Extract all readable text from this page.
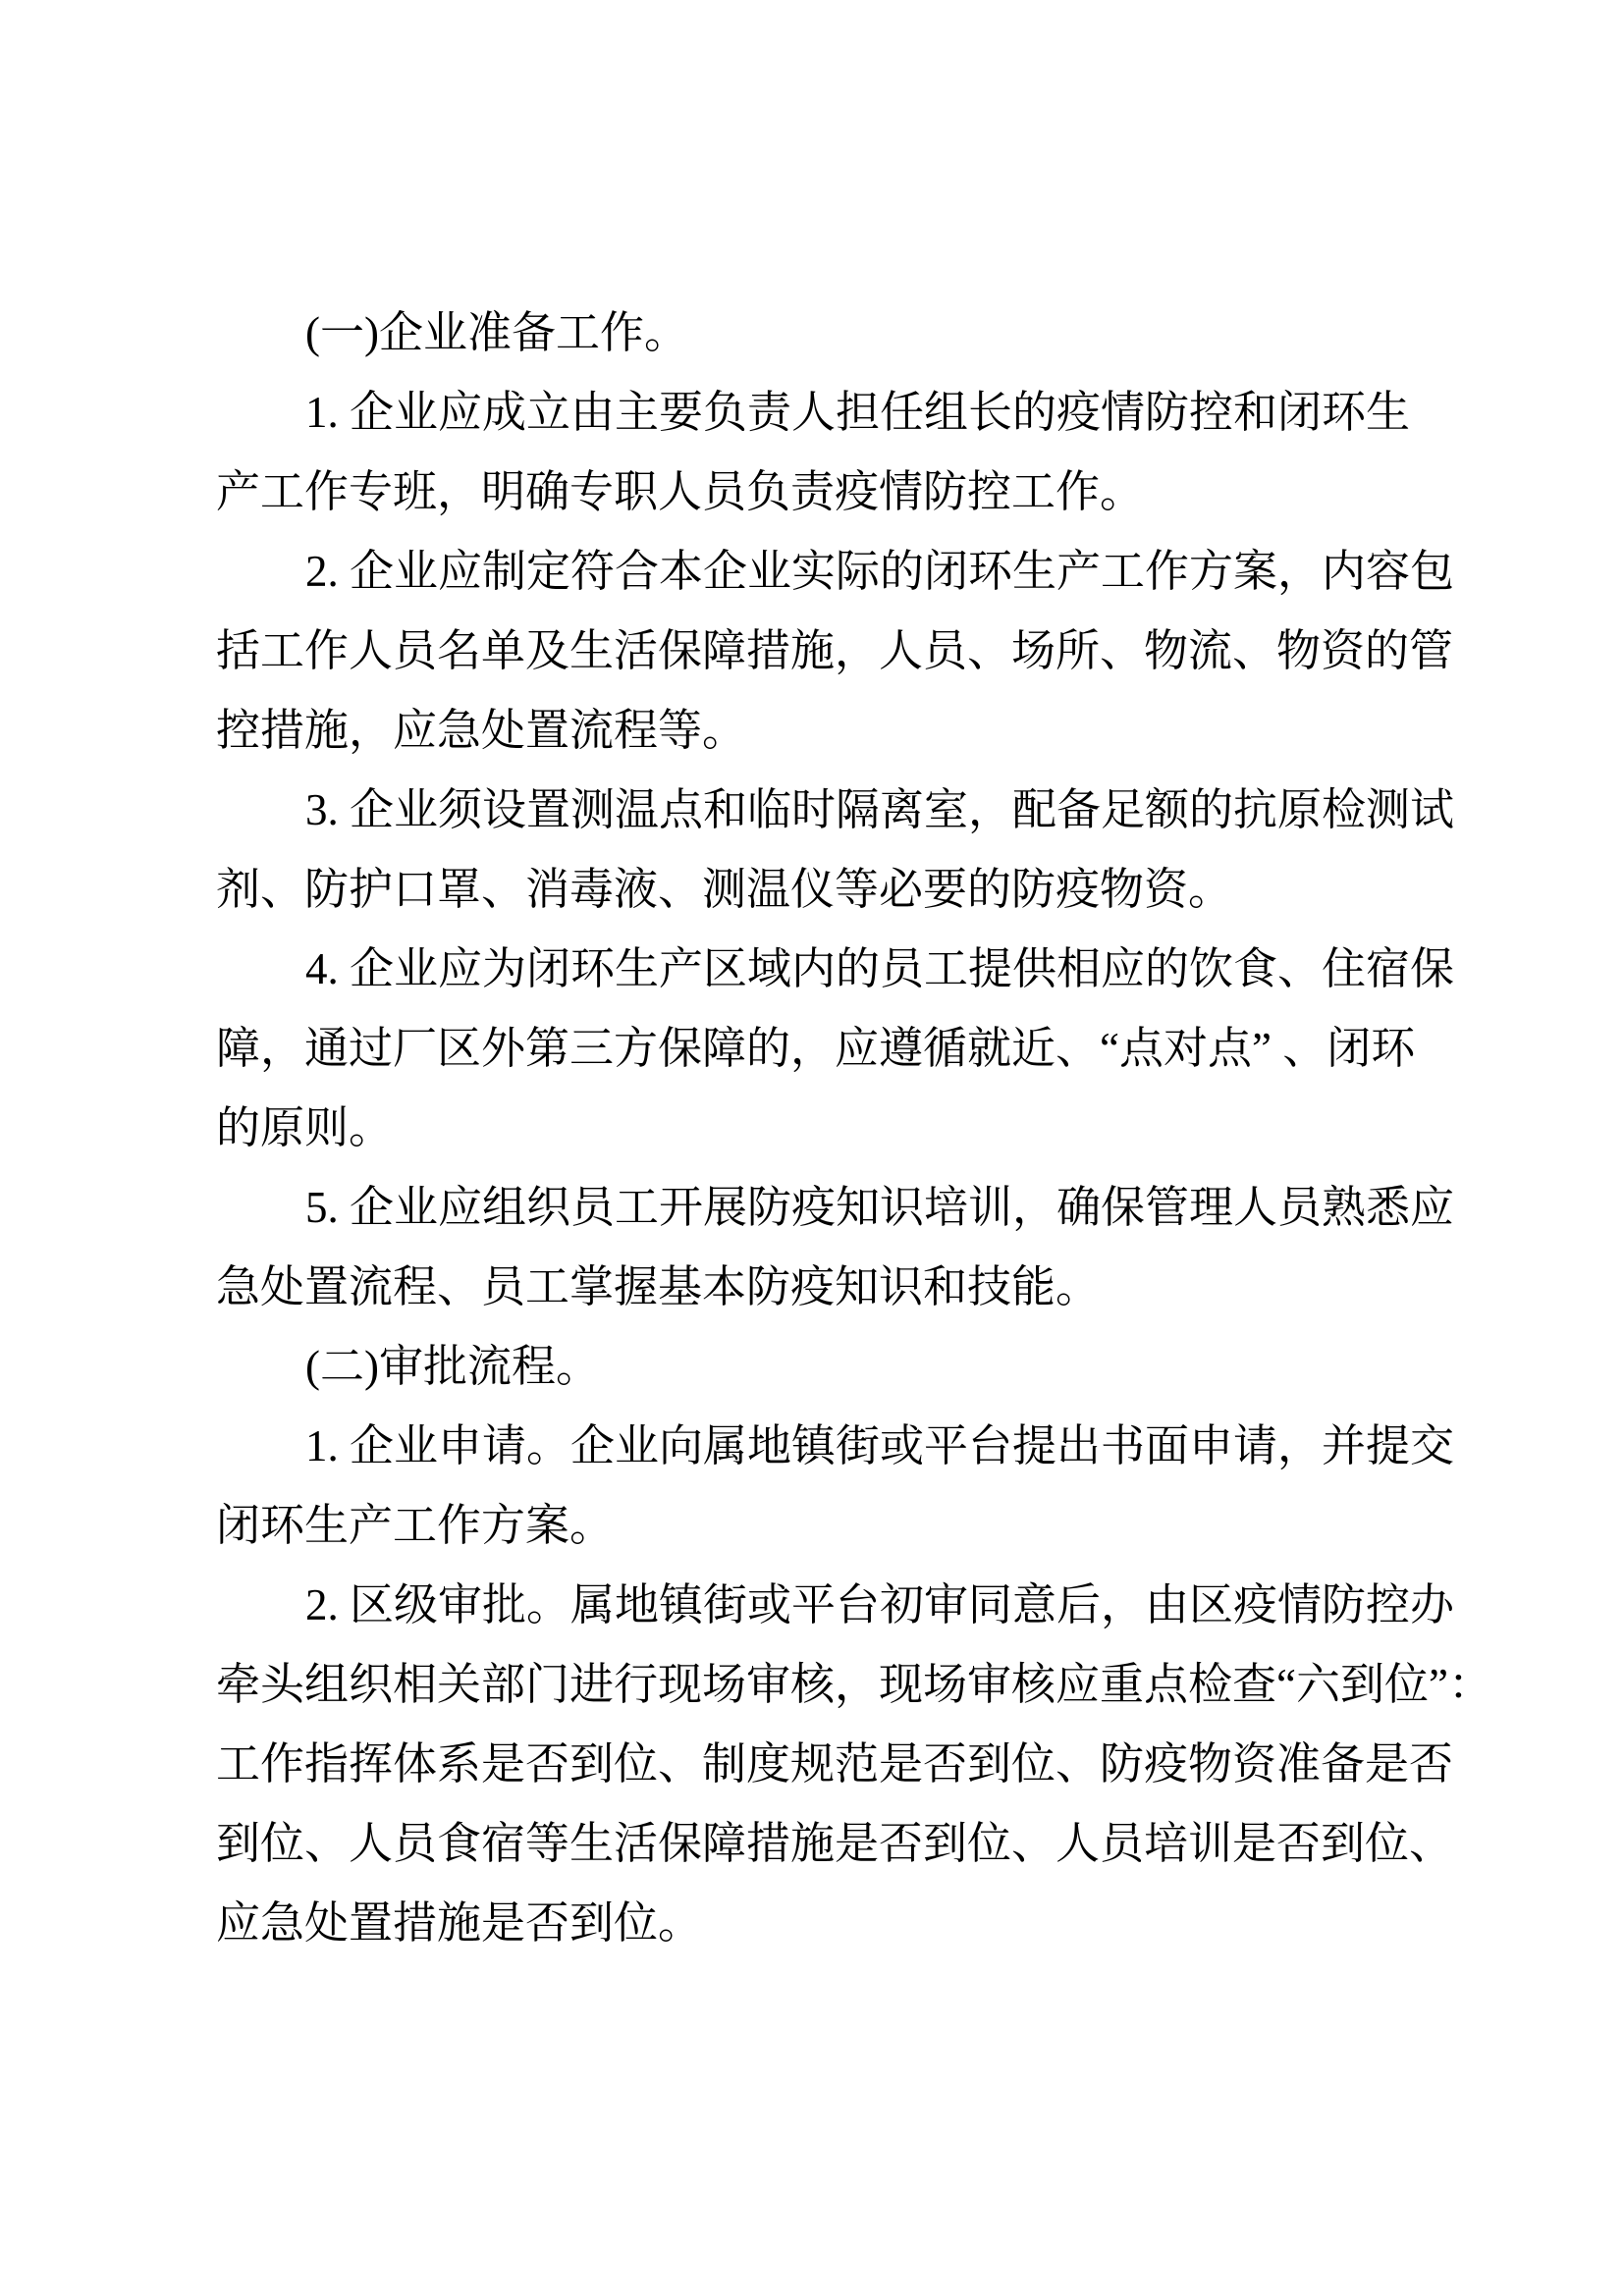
(一)企业准备工作。
1. 企业应成立由主要负责人担任组长的疫情防控和闭环生
产工作专班，明确专职人员负责疫情防控工作。
2. 企业应制定符合本企业实际的闭环生产工作方案，内容包
括工作人员名单及生活保障措施，人员、场所、物流、物资的管
控措施，应急处置流程等。
3. 企业须设置测温点和临时隔离室，配备足额的抗原检测试
剂、防护口罩、消毒液、测温仪等必要的防疫物资。
4. 企业应为闭环生产区域内的员工提供相应的饮食、住宿保
障，通过厂区外第三方保障的，应遵循就近、“点对点” 、闭环
的原则。
5. 企业应组织员工开展防疫知识培训，确保管理人员熟悉应
急处置流程、员工掌握基本防疫知识和技能。
(二)审批流程。
1. 企业申请。企业向属地镇街或平台提出书面申请，并提交
闭环生产工作方案。
2. 区级审批。属地镇街或平台初审同意后，由区疫情防控办
牵头组织相关部门进行现场审核，现场审核应重点检查“六到位”：
工作指挥体系是否到位、制度规范是否到位、防疫物资准备是否
到位、人员食宿等生活保障措施是否到位、人员培训是否到位、
应急处置措施是否到位。
